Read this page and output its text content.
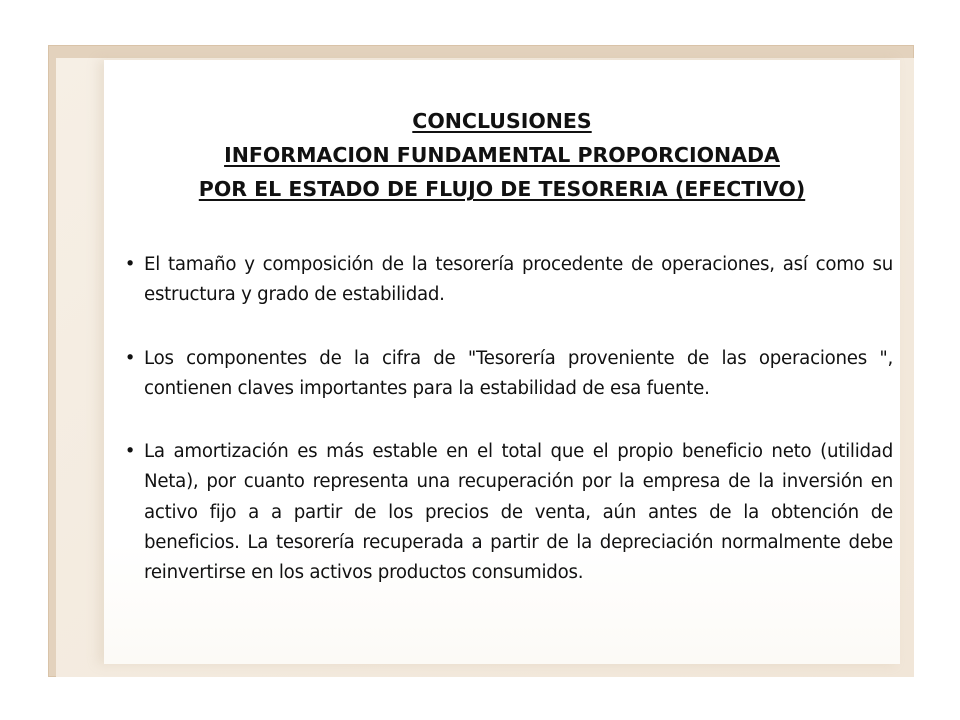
CONCLUSIONES
INFORMACION FUNDAMENTAL PROPORCIONADA
POR EL ESTADO DE FLUJO DE TESORERIA (EFECTIVO)
• El tamaño y composición de la tesorería procedente de operaciones, así como su estructura y grado de estabilidad.
• Los componentes de la cifra de "Tesorería proveniente de las operaciones ", contienen claves importantes para la estabilidad de esa fuente.
• La amortización es más estable en el total que el propio beneficio neto (utilidad Neta), por cuanto representa una recuperación por la empresa de la inversión en activo fijo a a partir de los precios de venta, aún antes de la obtención de beneficios. La tesorería recuperada a partir de la depreciación normalmente debe reinvertirse en los activos productos consumidos.
